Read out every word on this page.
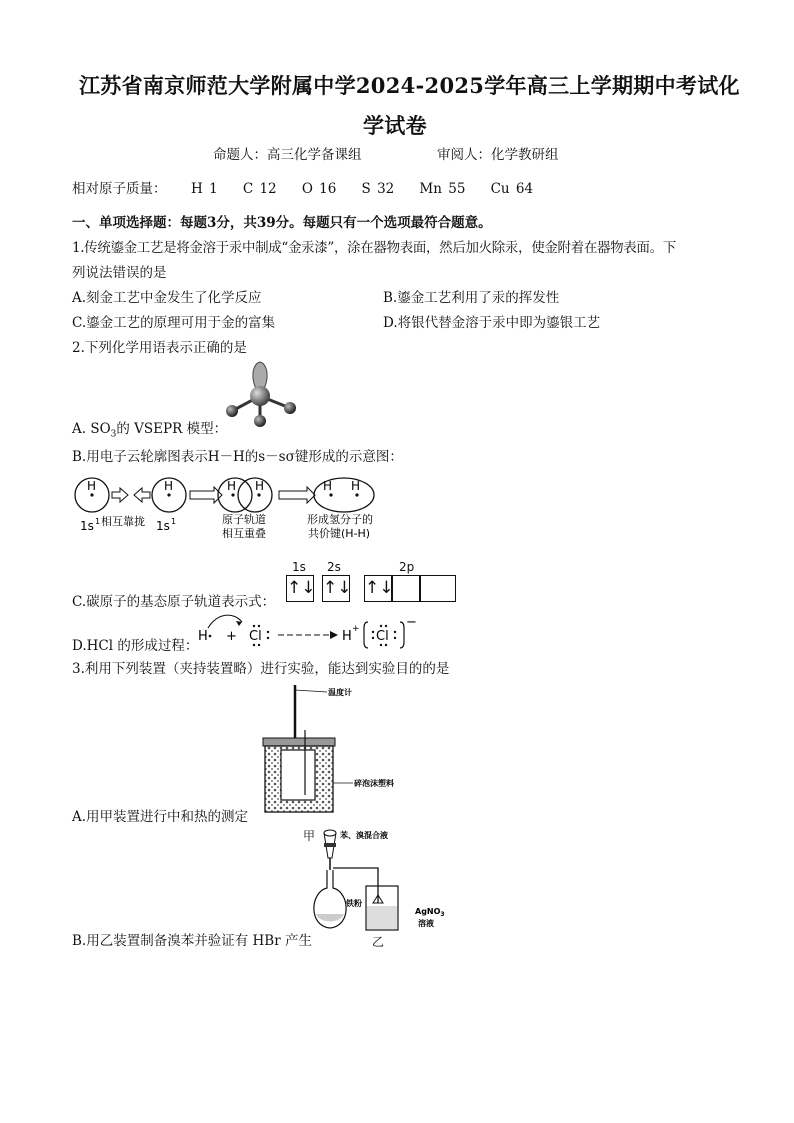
江苏省南京师范大学附属中学2024-2025学年高三上学期期中考试化
学试卷
命题人：高三化学备课组	审阅人：化学教研组
相对原子质量： H 1 C 12 O 16 S 32 Mn 55 Cu 64
一、单项选择题：每题3分，共39分。每题只有一个选项最符合题意。
1.传统鎏金工艺是将金溶于汞中制成“金汞漆”，涂在器物表面，然后加火除汞，使金附着在器物表面。下
列说法错误的是
A.刻金工艺中金发生了化学反应	B.鎏金工艺利用了汞的挥发性
C.鎏金工艺的原理可用于金的富集	D.将银代替金溶于汞中即为鎏银工艺
2.下列化学用语表示正确的是
A. $SO_3$的 VSEPR 模型：
B.用电子云轮廓图表示H－H的s－sσ键形成的示意图：
H	H	H H	H H
1s 1 相互靠拢 1s 1	原子轨道
相互重叠
形成氢分子的
共价键(H-H)
1s 2s	2p
↑↓ ↑↓ ↑↓
C.碳原子的基态原子轨道表示式：
H + Cl	H + Cl
−
D.HCl 的形成过程：
3.利用下列装置（夹持装置略）进行实验，能达到实验目的的是
温度计
碎泡沫塑料
甲
A.用甲装置进行中和热的测定
苯、溴混合液
铁粉
AgNO$_3$
溶液
乙
B.用乙装置制备溴苯并验证有 HBr 产生
